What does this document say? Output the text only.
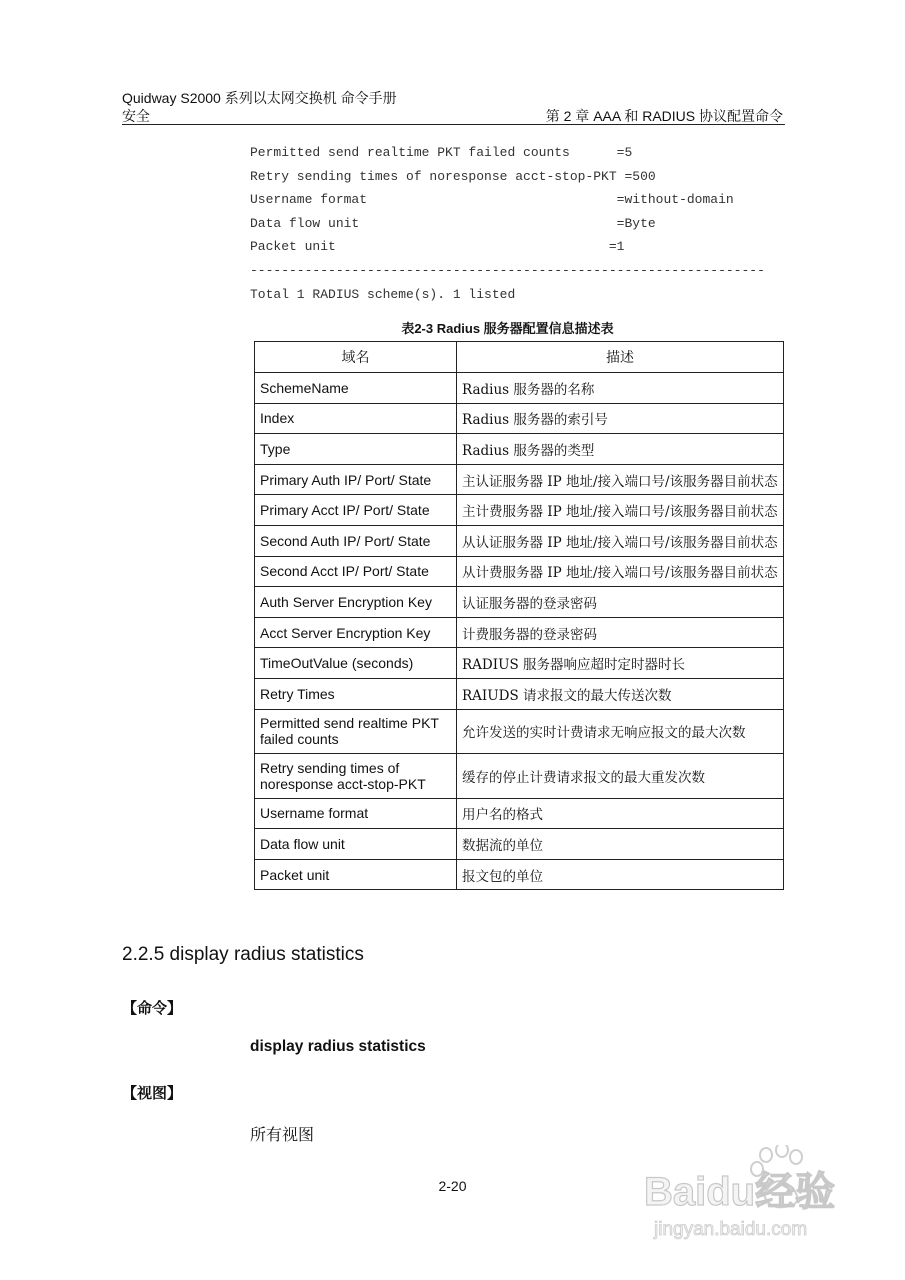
Quidway S2000 系列以太网交换机 命令手册
安全	第 2 章 AAA 和 RADIUS 协议配置命令
Permitted send realtime PKT failed counts      =5
Retry sending times of noresponse acct-stop-PKT =500
Username format                                =without-domain
Data flow unit                                 =Byte
Packet unit                                   =1
------------------------------------------------------------------
Total 1 RADIUS scheme(s). 1 listed
表2-3 Radius 服务器配置信息描述表
域名	描述
SchemeName	Radius 服务器的名称
Index	Radius 服务器的索引号
Type	Radius 服务器的类型
Primary Auth IP/ Port/ State	主认证服务器 IP 地址/接入端口号/该服务器目前状态
Primary Acct IP/ Port/ State	主计费服务器 IP 地址/接入端口号/该服务器目前状态
Second Auth IP/ Port/ State	从认证服务器 IP 地址/接入端口号/该服务器目前状态
Second Acct IP/ Port/ State	从计费服务器 IP 地址/接入端口号/该服务器目前状态
Auth Server Encryption Key	认证服务器的登录密码
Acct Server Encryption Key	计费服务器的登录密码
TimeOutValue (seconds)	RADIUS 服务器响应超时定时器时长
Retry Times	RAIUDS 请求报文的最大传送次数
Permitted send realtime PKT failed counts	允许发送的实时计费请求无响应报文的最大次数
Retry sending times of noresponse acct-stop-PKT	缓存的停止计费请求报文的最大重发次数
Username format	用户名的格式
Data flow unit	数据流的单位
Packet unit	报文包的单位
2.2.5 display radius statistics
【命令】
display radius statistics
【视图】
所有视图
2-20	Baidu经验
jingyan.baidu.com
